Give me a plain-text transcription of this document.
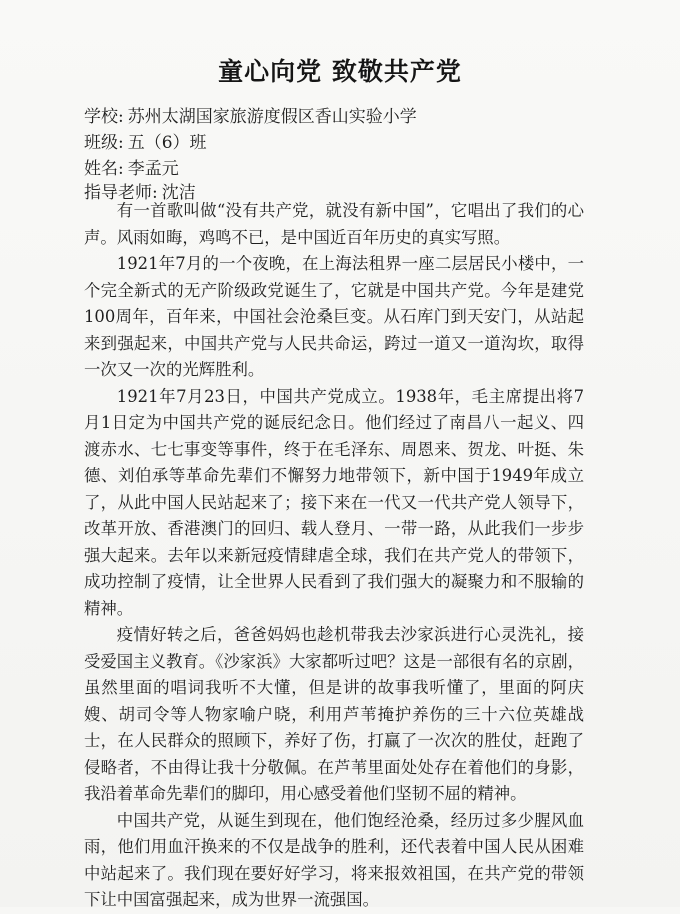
童心向党 致敬共产党
学校: 苏州太湖国家旅游度假区香山实验小学
班级: 五（6）班
姓名: 李孟元
指导老师: 沈洁

有一首歌叫做“没有共产党，就没有新中国”，它唱出了我们的心声。风雨如晦，鸡鸣不已，是中国近百年历史的真实写照。

1921年7月的一个夜晚，在上海法租界一座二层居民小楼中，一个完全新式的无产阶级政党诞生了，它就是中国共产党。今年是建党100周年，百年来，中国社会沧桑巨变。从石库门到天安门，从站起来到强起来，中国共产党与人民共命运，跨过一道又一道沟坎，取得一次又一次的光辉胜利。

1921年7月23日，中国共产党成立。1938年，毛主席提出将7月1日定为中国共产党的诞辰纪念日。他们经过了南昌八一起义、四渡赤水、七七事变等事件，终于在毛泽东、周恩来、贺龙、叶挺、朱德、刘伯承等革命先辈们不懈努力地带领下，新中国于1949年成立了，从此中国人民站起来了；接下来在一代又一代共产党人领导下，改革开放、香港澳门的回归、载人登月、一带一路，从此我们一步步强大起来。去年以来新冠疫情肆虐全球，我们在共产党人的带领下，成功控制了疫情，让全世界人民看到了我们强大的凝聚力和不服输的精神。

疫情好转之后，爸爸妈妈也趁机带我去沙家浜进行心灵洗礼，接受爱国主义教育。《沙家浜》大家都听过吧？这是一部很有名的京剧，虽然里面的唱词我听不大懂，但是讲的故事我听懂了，里面的阿庆嫂、胡司令等人物家喻户晓，利用芦苇掩护养伤的三十六位英雄战士，在人民群众的照顾下，养好了伤，打赢了一次次的胜仗，赶跑了侵略者，不由得让我十分敬佩。在芦苇里面处处存在着他们的身影，我沿着革命先辈们的脚印，用心感受着他们坚韧不屈的精神。

中国共产党，从诞生到现在，他们饱经沧桑，经历过多少腥风血雨，他们用血汗换来的不仅是战争的胜利，还代表着中国人民从困难中站起来了。我们现在要好好学习，将来报效祖国，在共产党的带领下让中国富强起来，成为世界一流强国。
